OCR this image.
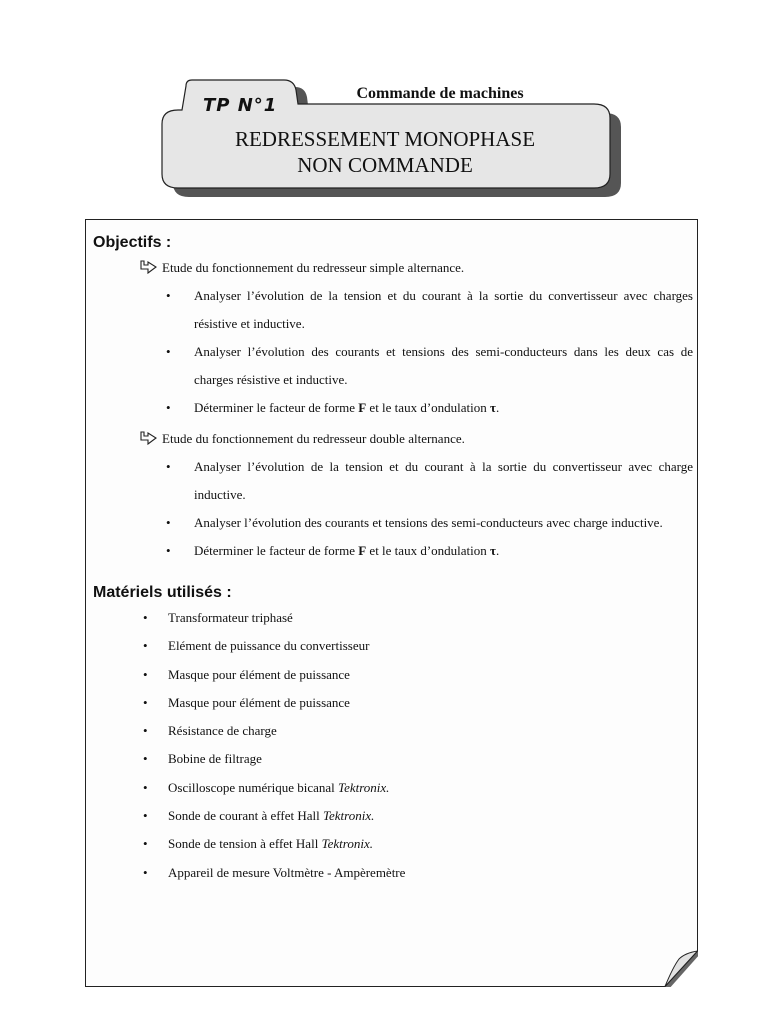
TP N°1
Commande de machines
REDRESSEMENT MONOPHASE
NON COMMANDE
Objectifs :
Etude du fonctionnement du redresseur simple alternance.
• Analyser l’évolution de la tension et du courant à la sortie du convertisseur avec charges résistive et inductive.
• Analyser l’évolution des courants et tensions des semi-conducteurs dans les deux cas de charges résistive et inductive.
• Déterminer le facteur de forme F et le taux d’ondulation τ.
Etude du fonctionnement du redresseur double alternance.
• Analyser l’évolution de la tension et du courant à la sortie du convertisseur avec charge inductive.
• Analyser l’évolution des courants et tensions des semi-conducteurs avec charge inductive.
• Déterminer le facteur de forme F et le taux d’ondulation τ.
Matériels utilisés :
• Transformateur triphasé
• Elément de puissance du convertisseur
• Masque pour élément de puissance
• Masque pour élément de puissance
• Résistance de charge
• Bobine de filtrage
• Oscilloscope numérique bicanal Tektronix.
• Sonde de courant à effet Hall Tektronix.
• Sonde de tension à effet Hall Tektronix.
• Appareil de mesure Voltmètre - Ampèremètre
